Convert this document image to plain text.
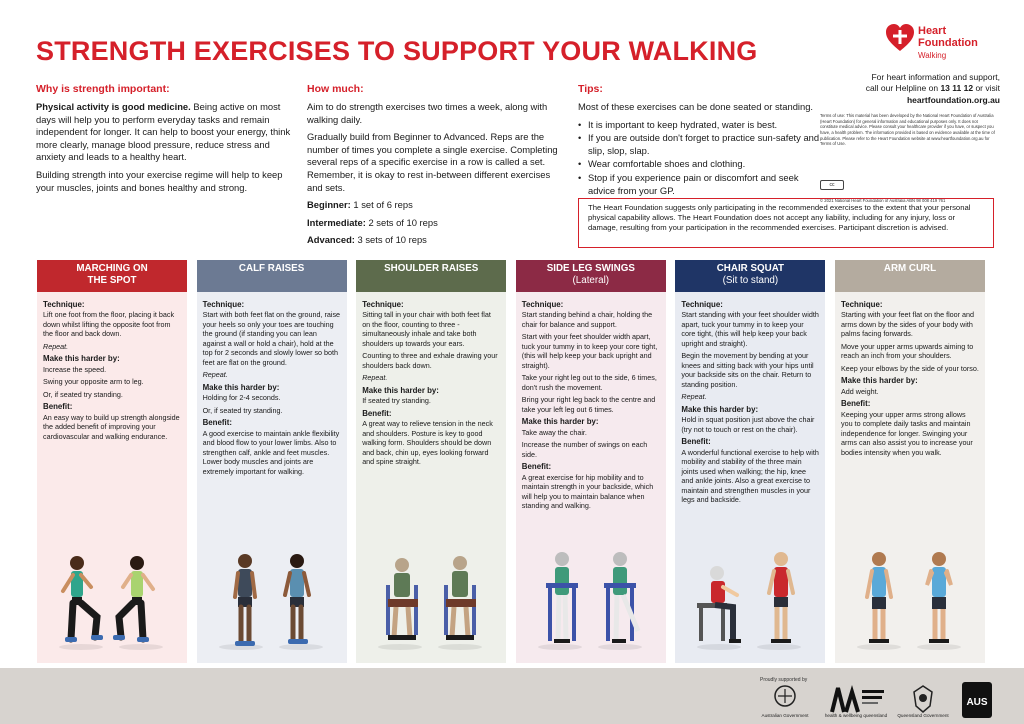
STRENGTH EXERCISES TO SUPPORT YOUR WALKING
Heart
Foundation
Walking
For heart information and support,
call our Helpline on 13 11 12 or visit
heartfoundation.org.au
Terms of use: This material has been developed by the National Heart Foundation of Australia (Heart Foundation) for general information and educational purposes only. It does not constitute medical advice. Please consult your healthcare provider if you have, or suspect you have, a health problem. The information provided is based on evidence available at the time of publication. Please refer to the Heart Foundation website at www.heartfoundation.org.au for Terms of Use.
cc
© 2021 National Heart Foundation of Australia ABN 98 008 419 761
Why is strength important:

Physical activity is good medicine. Being active on most days will help you to perform everyday tasks and remain independent for longer. It can help to boost your energy, think more clearly, manage blood pressure, reduce stress and anxiety and leads to a healthy heart.

Building strength into your exercise regime will help to keep your muscles, joints and bones healthy and strong.

How much:

Aim to do strength exercises two times a week, along with walking daily.

Gradually build from Beginner to Advanced. Reps are the number of times you complete a single exercise. Completing several reps of a specific exercise in a row is called a set. Remember, it is okay to rest in-between different exercises and sets.

Beginner: 1 set of 6 reps

Intermediate: 2 sets of 10 reps

Advanced: 3 sets of 10 reps

Tips:

Most of these exercises can be done seated or standing.

• It is important to keep hydrated, water is best.
• If you are outside don't forget to practice sun-safety and slip, slop, slap.
• Wear comfortable shoes and clothing.
• Stop if you experience pain or discomfort and seek advice from your GP.
The Heart Foundation suggests only participating in the recommended exercises to the extent that your personal physical capability allows. The Heart Foundation does not accept any liability, including for any injury, loss or damage, resulting from your participation in the recommended exercises. Participant discretion is advised.
MARCHING ON
THE SPOT
Technique:

Lift one foot from the floor, placing it back down whilst lifting the opposite foot from the floor and back down.

Repeat.

Make this harder by:

Increase the speed.

Swing your opposite arm to leg.

Or, if seated try standing.

Benefit:

An easy way to build up strength alongside the added benefit of improving your cardiovascular and walking endurance.

CALF RAISES
Technique:

Start with both feet flat on the ground, raise your heels so only your toes are touching the ground (if standing you can lean against a wall or hold a chair), hold at the top for 2 seconds and slowly lower so both feet are flat on the ground.

Repeat.

Make this harder by:

Holding for 2-4 seconds.

Or, if seated try standing.

Benefit:

A good exercise to maintain ankle flexibility and blood flow to your lower limbs. Also to strengthen calf, ankle and feet muscles. Lower body muscles and joints are extremely important for walking.

SHOULDER RAISES
Technique:

Sitting tall in your chair with both feet flat on the floor, counting to three - simultaneously inhale and take both shoulders up towards your ears.

Counting to three and exhale drawing your shoulders back down.

Repeat.

Make this harder by:

If seated try standing.

Benefit:

A great way to relieve tension in the neck and shoulders. Posture is key to good walking form. Shoulders should be down and back, chin up, eyes looking forward and spine straight.

SIDE LEG SWINGS
(Lateral)
Technique:

Start standing behind a chair, holding the chair for balance and support.

Start with your feet shoulder width apart, tuck your tummy in to keep your core tight, (this will help keep your back upright and straight).

Take your right leg out to the side, 6 times, don't rush the movement.

Bring your right leg back to the centre and take your left leg out 6 times.

Make this harder by:

Take away the chair.

Increase the number of swings on each side.

Benefit:

A great exercise for hip mobility and to maintain strength in your backside, which will help you to maintain balance when standing and walking.

CHAIR SQUAT
(Sit to stand)
Technique:

Start standing with your feet shoulder width apart, tuck your tummy in to keep your core tight, (this will help keep your back upright and straight).

Begin the movement by bending at your knees and sitting back with your hips until your backside sits on the chair. Return to standing position.

Repeat.

Make this harder by:

Hold in squat position just above the chair (try not to touch or rest on the chair).

Benefit:

A wonderful functional exercise to help with mobility and stability of the three main joints used when walking; the hip, knee and ankle joints. Also a great exercise to maintain and strengthen muscles in your legs and backside.

ARM CURL
Technique:

Starting with your feet flat on the floor and arms down by the sides of your body with palms facing forwards.

Move your upper arms upwards aiming to reach an inch from your shoulders.

Keep your elbows by the side of your torso.

Make this harder by:

Add weight.

Benefit:

Keeping your upper arms strong allows you to complete daily tasks and maintain independence for longer. Swinging your arms can also assist you to increase your bodies intensity when you walk.

Proudly supported by
Australian Government	health & wellbeing queensland	Queensland Government
AUS
